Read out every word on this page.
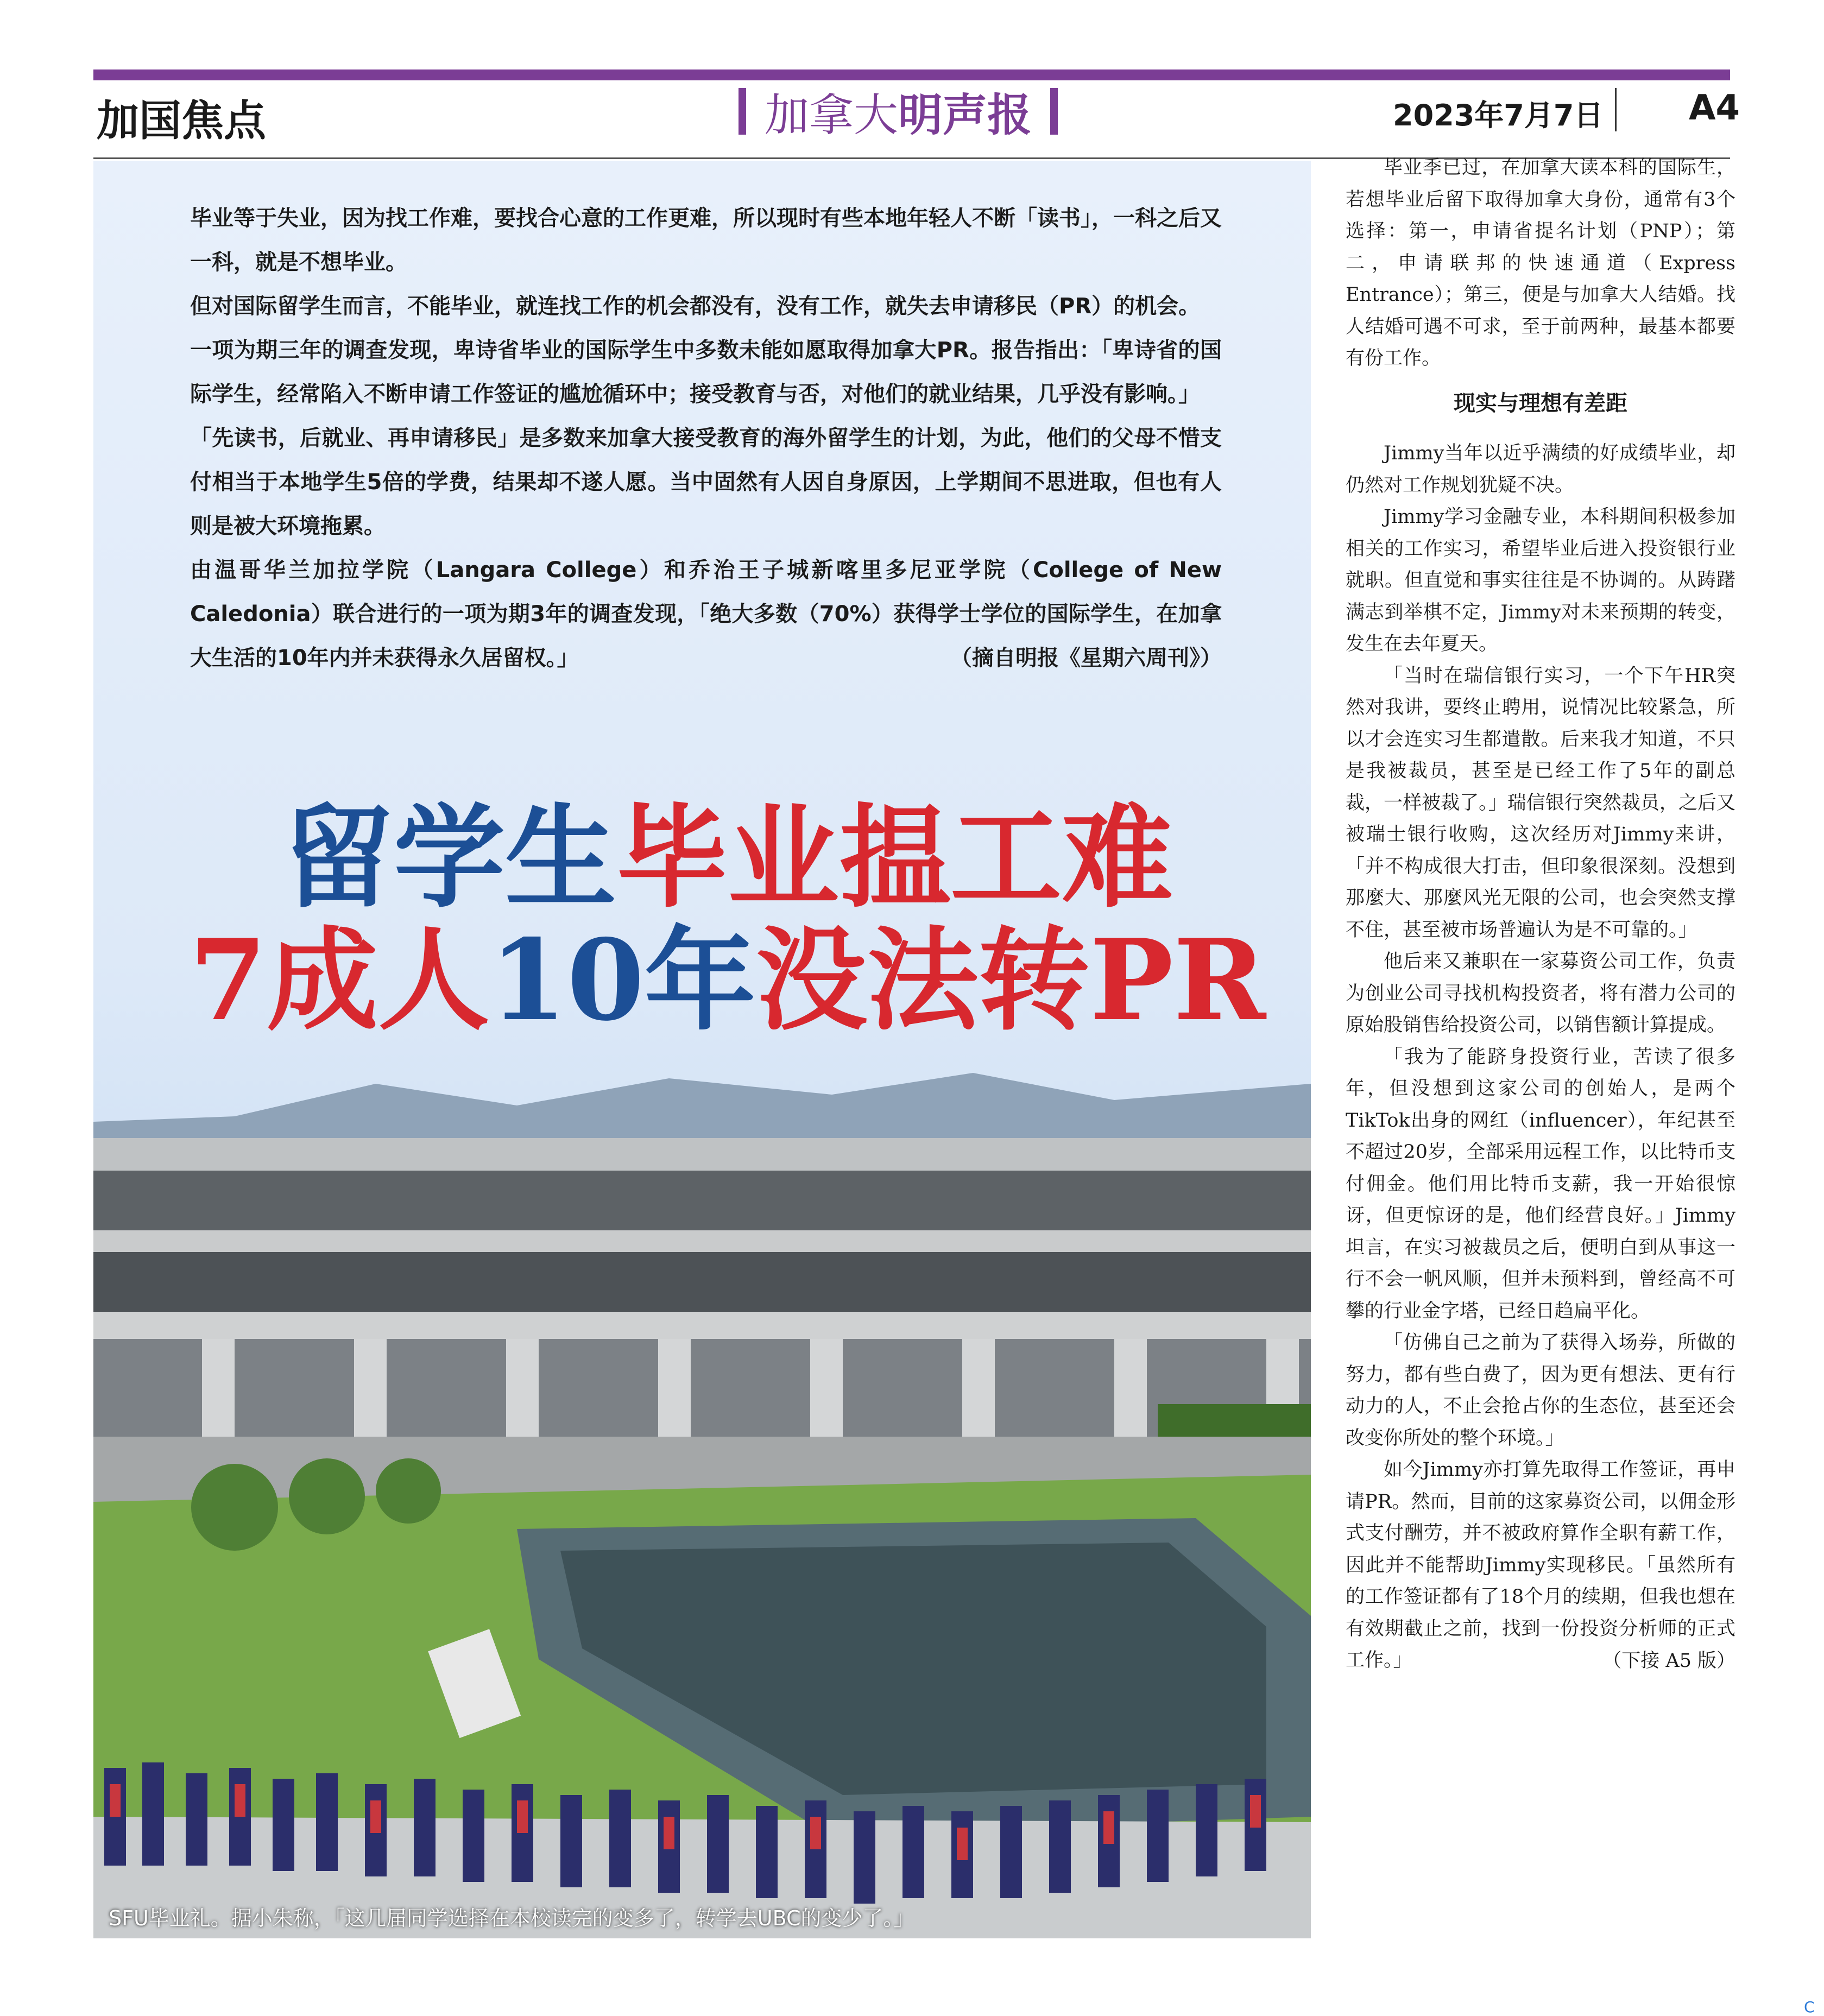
加国焦点	加拿大明声报	2023年7月7日 A4

毕业等于失业，因为找工作难，要找合心意的工作更难，所以现时有些本地年轻人不断「读书」，一科之后又一科，就是不想毕业。

但对国际留学生而言，不能毕业，就连找工作的机会都没有，没有工作，就失去申请移民（PR）的机会。

一项为期三年的调查发现，卑诗省毕业的国际学生中多数未能如愿取得加拿大PR。报告指出：「卑诗省的国际学生，经常陷入不断申请工作签证的尴尬循环中；接受教育与否，对他们的就业结果，几乎没有影响。」

「先读书，后就业、再申请移民」是多数来加拿大接受教育的海外留学生的计划，为此，他们的父母不惜支付相当于本地学生5倍的学费，结果却不遂人愿。当中固然有人因自身原因，上学期间不思进取，但也有人则是被大环境拖累。

由温哥华兰加拉学院（Langara College）和乔治王子城新喀里多尼亚学院（College of New Caledonia）联合进行的一项为期3年的调查发现，「绝大多数（70%）获得学士学位的国际学生，在加拿大生活的10年内并未获得永久居留权。」	（摘自明报《星期六周刊》）
留学生毕业揾工难
7成人10年没法转PR
SFU毕业礼。据小朱称，「这几届同学选择在本校读完的变多了，转学去UBC的变少了。」

毕业季已过，在加拿大读本科的国际生，若想毕业后留下取得加拿大身份，通常有3个选择：第一，申请省提名计划（PNP）；第二，申请联邦的快速通道（Express Entrance）；第三，便是与加拿大人结婚。找人结婚可遇不可求，至于前两种，最基本都要有份工作。

现实与理想有差距

Jimmy当年以近乎满绩的好成绩毕业，却仍然对工作规划犹疑不决。

Jimmy学习金融专业，本科期间积极参加相关的工作实习，希望毕业后进入投资银行业就职。但直觉和事实往往是不协调的。从踌躇满志到举棋不定，Jimmy对未来预期的转变，发生在去年夏天。

「当时在瑞信银行实习，一个下午HR突然对我讲，要终止聘用，说情况比较紧急，所以才会连实习生都遣散。后来我才知道，不只是我被裁员，甚至是已经工作了5年的副总裁，一样被裁了。」瑞信银行突然裁员，之后又被瑞士银行收购，这次经历对Jimmy来讲，「并不构成很大打击，但印象很深刻。没想到那麼大、那麼风光无限的公司，也会突然支撑不住，甚至被市场普遍认为是不可靠的。」

他后来又兼职在一家募资公司工作，负责为创业公司寻找机构投资者，将有潜力公司的原始股销售给投资公司，以销售额计算提成。

「我为了能跻身投资行业，苦读了很多年，但没想到这家公司的创始人，是两个TikTok出身的网红（influencer），年纪甚至不超过20岁，全部采用远程工作，以比特币支付佣金。他们用比特币支薪，我一开始很惊讶，但更惊讶的是，他们经营良好。」Jimmy坦言，在实习被裁员之后，便明白到从事这一行不会一帆风顺，但并未预料到，曾经高不可攀的行业金字塔，已经日趋扁平化。

「仿佛自己之前为了获得入场券，所做的努力，都有些白费了，因为更有想法、更有行动力的人，不止会抢占你的生态位，甚至还会改变你所处的整个环境。」

如今Jimmy亦打算先取得工作签证，再申请PR。然而，目前的这家募资公司，以佣金形式支付酬劳，并不被政府算作全职有薪工作，因此并不能帮助Jimmy实现移民。「虽然所有的工作签证都有了18个月的续期，但我也想在有效期截止之前，找到一份投资分析师的正式工作。」	（下接 A5 版）
C
